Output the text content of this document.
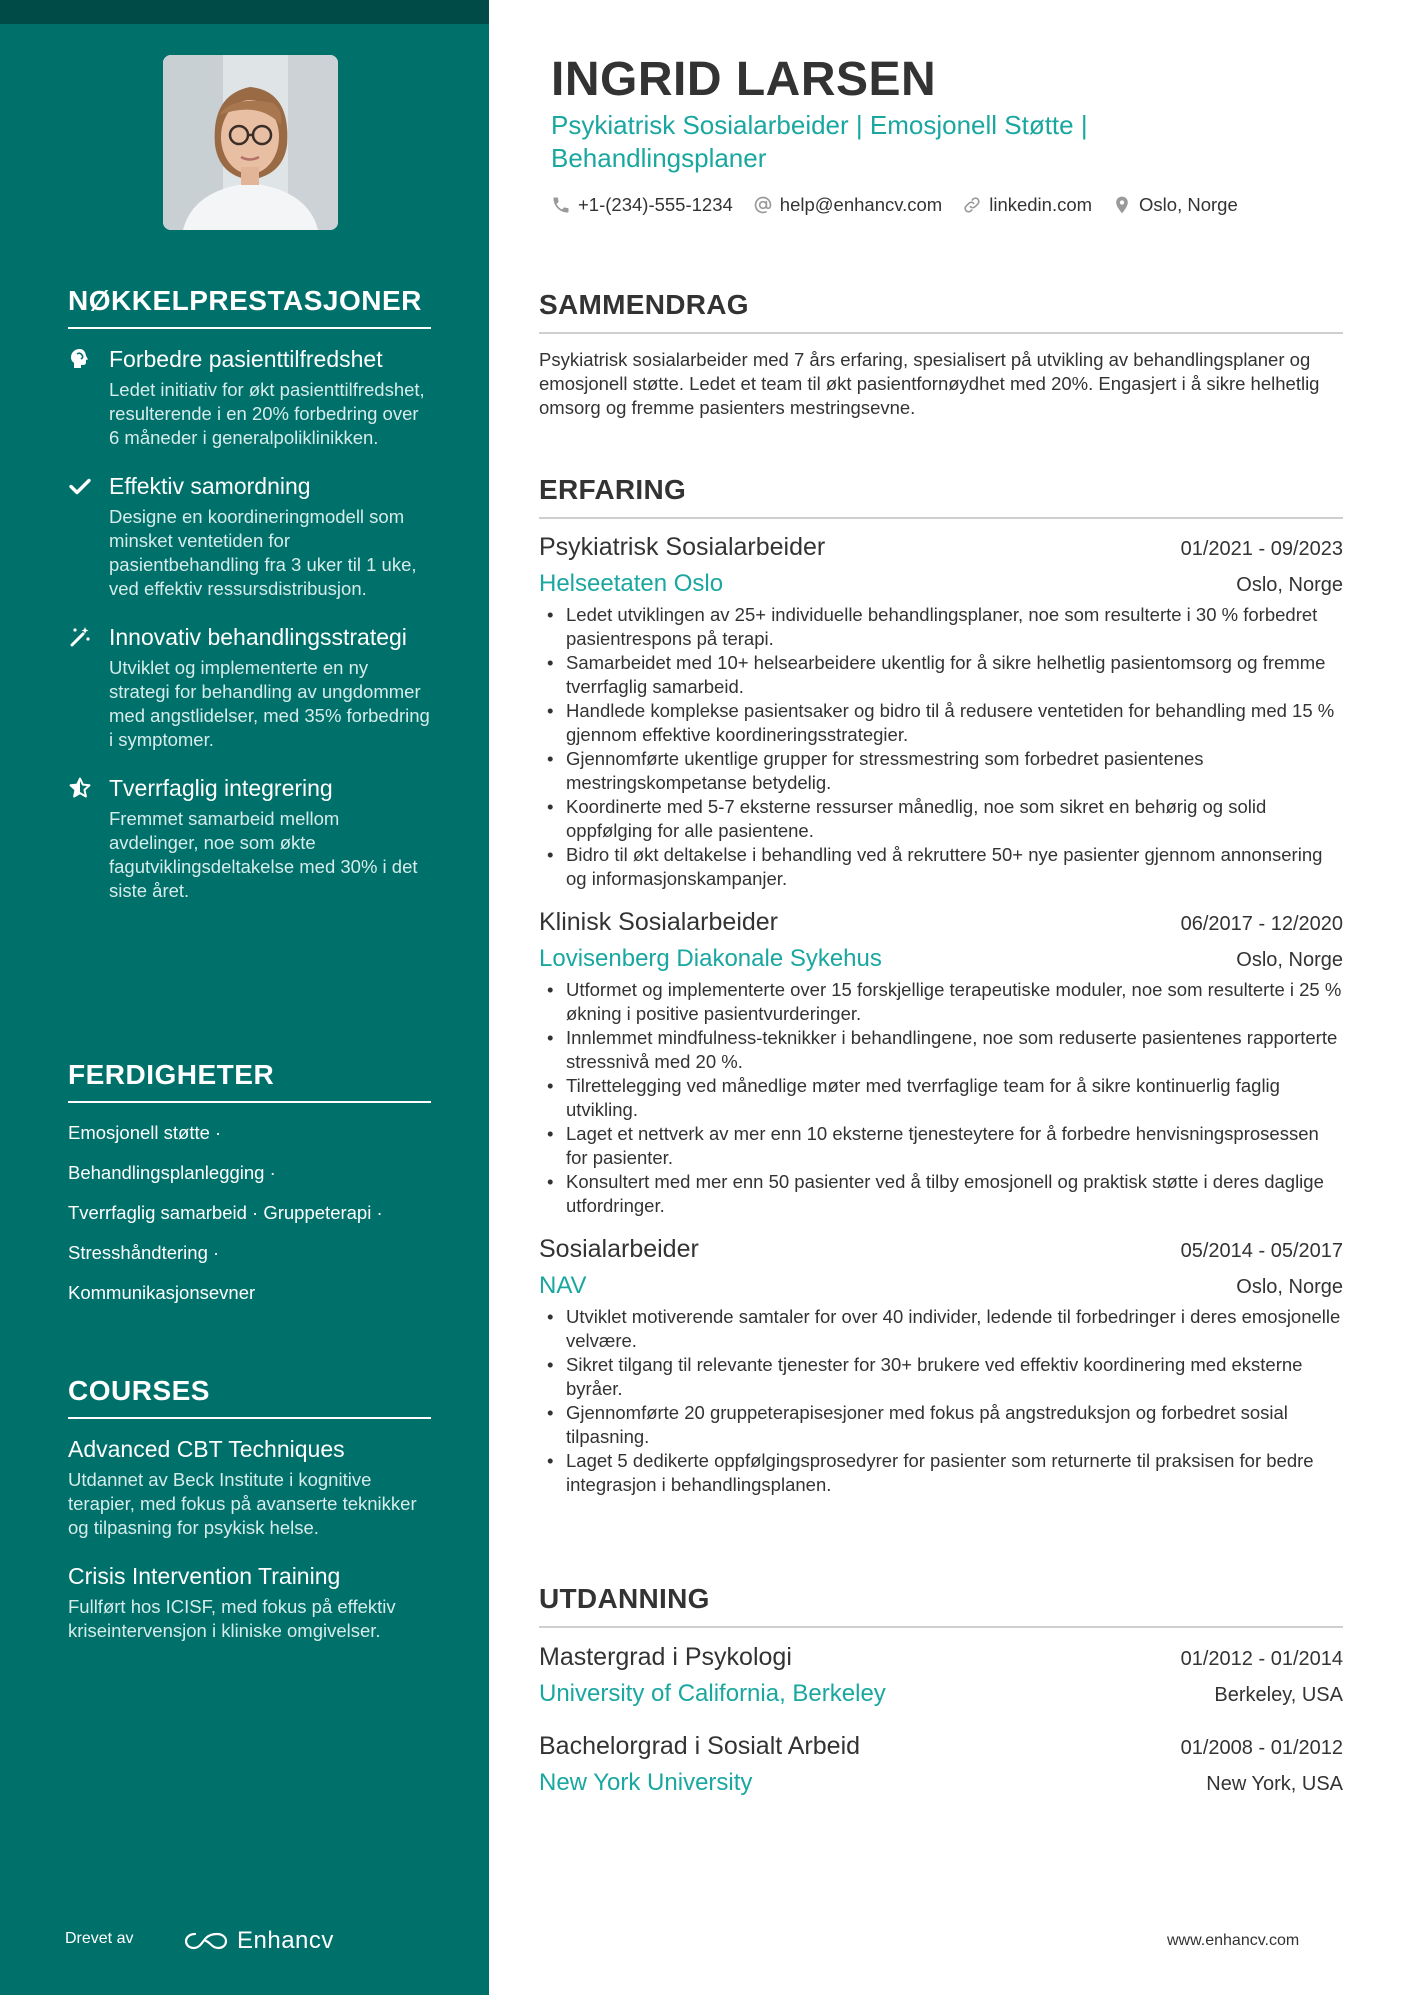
NØKKELPRESTASJONER
Forbedre pasienttilfredshet

Ledet initiativ for økt pasienttilfredshet, resulterende i en 20% forbedring over 6 måneder i generalpoliklinikken.

Effektiv samordning

Designe en koordineringmodell som minsket ventetiden for pasientbehandling fra 3 uker til 1 uke, ved effektiv ressursdistribusjon.

Innovativ behandlingsstrategi

Utviklet og implementerte en ny strategi for behandling av ungdommer med angstlidelser, med 35% forbedring i symptomer.

Tverrfaglig integrering

Fremmet samarbeid mellom avdelinger, noe som økte fagutviklingsdeltakelse med 30% i det siste året.

FERDIGHETER
Emosjonell støtte ·
Behandlingsplanlegging ·
Tverrfaglig samarbeid · Gruppeterapi ·
Stresshåndtering ·
Kommunikasjonsevner
COURSES
Advanced CBT Techniques

Utdannet av Beck Institute i kognitive terapier, med fokus på avanserte teknikker og tilpasning for psykisk helse.

Crisis Intervention Training

Fullført hos ICISF, med fokus på effektiv kriseintervensjon i kliniske omgivelser.

Drevet av	Enhancv
INGRID LARSEN
Psykiatrisk Sosialarbeider | Emosjonell Støtte | Behandlingsplaner
+1-(234)-555-1234	help@enhancv.com	linkedin.com	Oslo, Norge
SAMMENDRAG

Psykiatrisk sosialarbeider med 7 års erfaring, spesialisert på utvikling av behandlingsplaner og emosjonell støtte. Ledet et team til økt pasientfornøydhet med 20%. Engasjert i å sikre helhetlig omsorg og fremme pasienters mestringsevne.

ERFARING
Psykiatrisk Sosialarbeider	01/2021 - 09/2023
Helseetaten Oslo	Oslo, Norge
• Ledet utviklingen av 25+ individuelle behandlingsplaner, noe som resulterte i 30 % forbedret pasientrespons på terapi.
• Samarbeidet med 10+ helsearbeidere ukentlig for å sikre helhetlig pasientomsorg og fremme tverrfaglig samarbeid.
• Handlede komplekse pasientsaker og bidro til å redusere ventetiden for behandling med 15 % gjennom effektive koordineringsstrategier.
• Gjennomførte ukentlige grupper for stressmestring som forbedret pasientenes mestringskompetanse betydelig.
• Koordinerte med 5-7 eksterne ressurser månedlig, noe som sikret en behørig og solid oppfølging for alle pasientene.
• Bidro til økt deltakelse i behandling ved å rekruttere 50+ nye pasienter gjennom annonsering og informasjonskampanjer.
Klinisk Sosialarbeider	06/2017 - 12/2020
Lovisenberg Diakonale Sykehus	Oslo, Norge
• Utformet og implementerte over 15 forskjellige terapeutiske moduler, noe som resulterte i 25 % økning i positive pasientvurderinger.
• Innlemmet mindfulness-teknikker i behandlingene, noe som reduserte pasientenes rapporterte stressnivå med 20 %.
• Tilrettelegging ved månedlige møter med tverrfaglige team for å sikre kontinuerlig faglig utvikling.
• Laget et nettverk av mer enn 10 eksterne tjenesteytere for å forbedre henvisningsprosessen for pasienter.
• Konsultert med mer enn 50 pasienter ved å tilby emosjonell og praktisk støtte i deres daglige utfordringer.
Sosialarbeider	05/2014 - 05/2017
NAV	Oslo, Norge
• Utviklet motiverende samtaler for over 40 individer, ledende til forbedringer i deres emosjonelle velvære.
• Sikret tilgang til relevante tjenester for 30+ brukere ved effektiv koordinering med eksterne byråer.
• Gjennomførte 20 gruppeterapisesjoner med fokus på angstreduksjon og forbedret sosial tilpasning.
• Laget 5 dedikerte oppfølgingsprosedyrer for pasienter som returnerte til praksisen for bedre integrasjon i behandlingsplanen.
UTDANNING
Mastergrad i Psykologi	01/2012 - 01/2014
University of California, Berkeley	Berkeley, USA
Bachelorgrad i Sosialt Arbeid	01/2008 - 01/2012
New York University	New York, USA
www.enhancv.com
